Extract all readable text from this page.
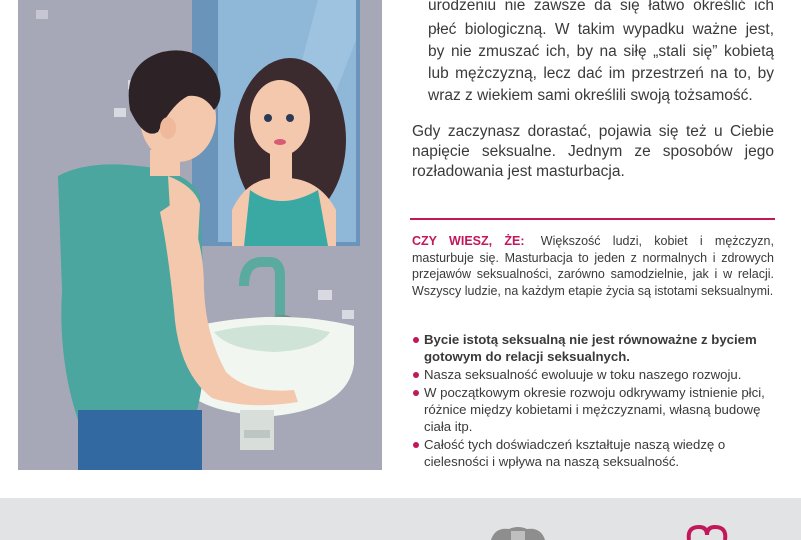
urodzeniu nie zawsze da się łatwo określić ich

płeć biologiczną. W takim wypadku ważne jest,

by nie zmuszać ich, by na siłę „stali się” kobietą

lub mężczyzną, lecz dać im przestrzeń na to, by

wraz z wiekiem sami określili swoją tożsamość.

Gdy zaczynasz dorastać, pojawia się też u Ciebie napięcie seksualne. Jednym ze sposobów jego rozładowania jest masturbacja.

CZY WIESZ, ŻE: Większość ludzi, kobiet i mężczyzn, masturbuje się. Masturbacja to jeden z normalnych i zdrowych przejawów seksualności, zarówno samodzielnie, jak i w relacji. Wszyscy ludzie, na każdym etapie życia są istotami seksualnymi.
Bycie istotą seksualną nie jest równoważne z byciem gotowym do relacji seksualnych.
Nasza seksualność ewoluuje w toku naszego rozwoju.
W początkowym okresie rozwoju odkrywamy istnienie płci, różnice między kobietami i mężczyznami, własną budowę ciała itp.
Całość tych doświadczeń kształtuje naszą wiedzę o cielesności i wpływa na naszą seksualność.
